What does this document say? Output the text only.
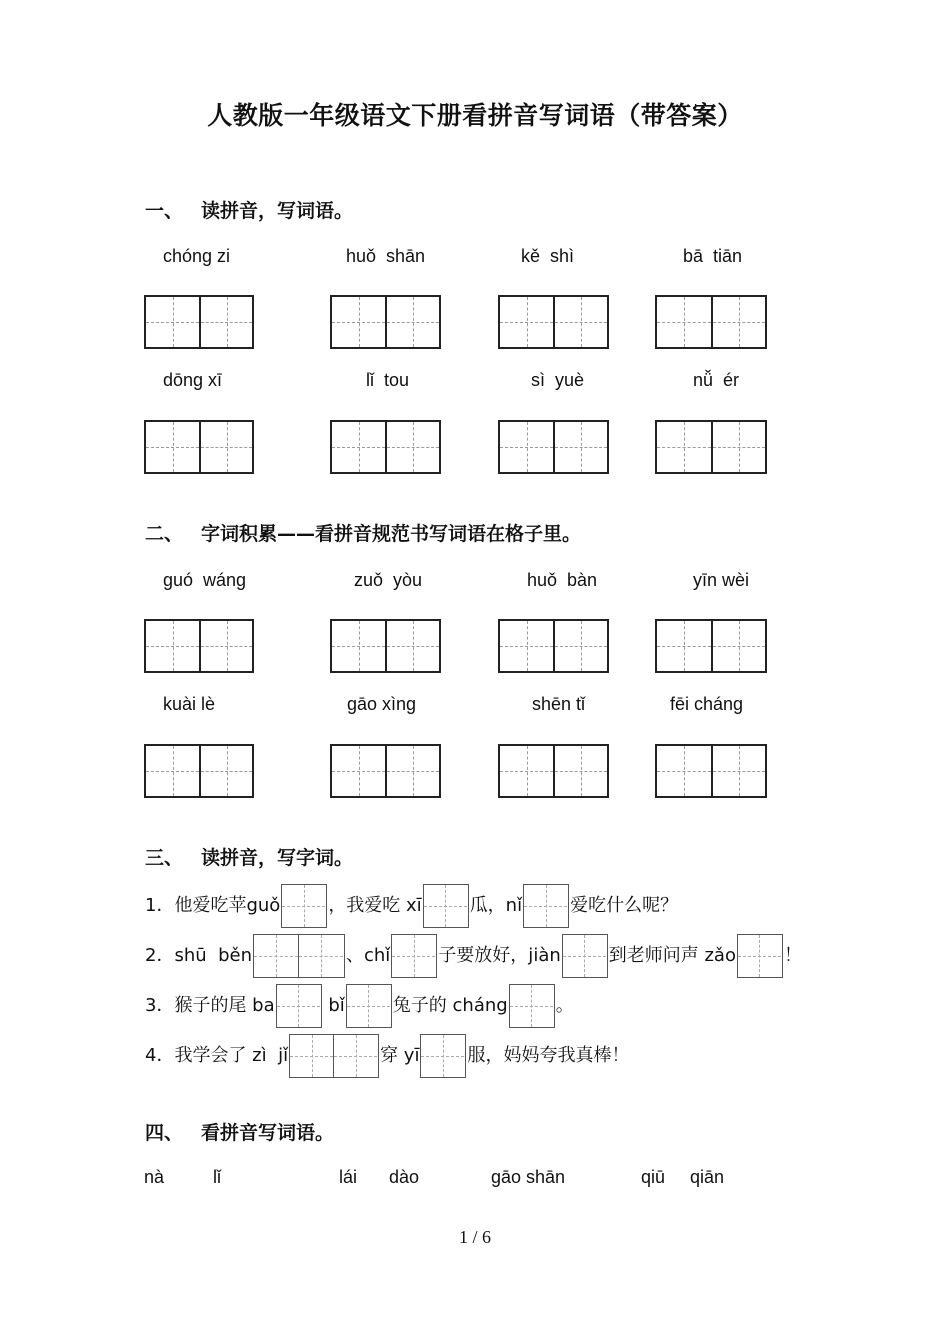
人教版一年级语文下册看拼音写词语（带答案）
一、 读拼音，写词语。
chóng zi	huǒ  shān	kě  shì	bā  tiān
dōng xī	lǐ  tou	sì  yuè	nǚ  ér
二、 字词积累——看拼音规范书写词语在格子里。
guó  wáng	zuǒ  yòu	huǒ  bàn	yīn wèi
kuài lè	gāo xìng	shēn tǐ	fēi cháng
三、 读拼音，写字词。
1．他爱吃苹guǒ	，我爱吃 xī	瓜，nǐ	爱吃什么呢？
2．shū  běn	、chǐ	子要放好，jiàn	到老师问声 zǎo	！
3．猴子的尾 ba	bǐ	兔子的 cháng	。
4．我学会了 zì  jǐ	穿 yī	服，妈妈夸我真棒！
四、 看拼音写词语。
nà	lǐ	lái dào	gāo shān	qiū qiān
1 / 6
